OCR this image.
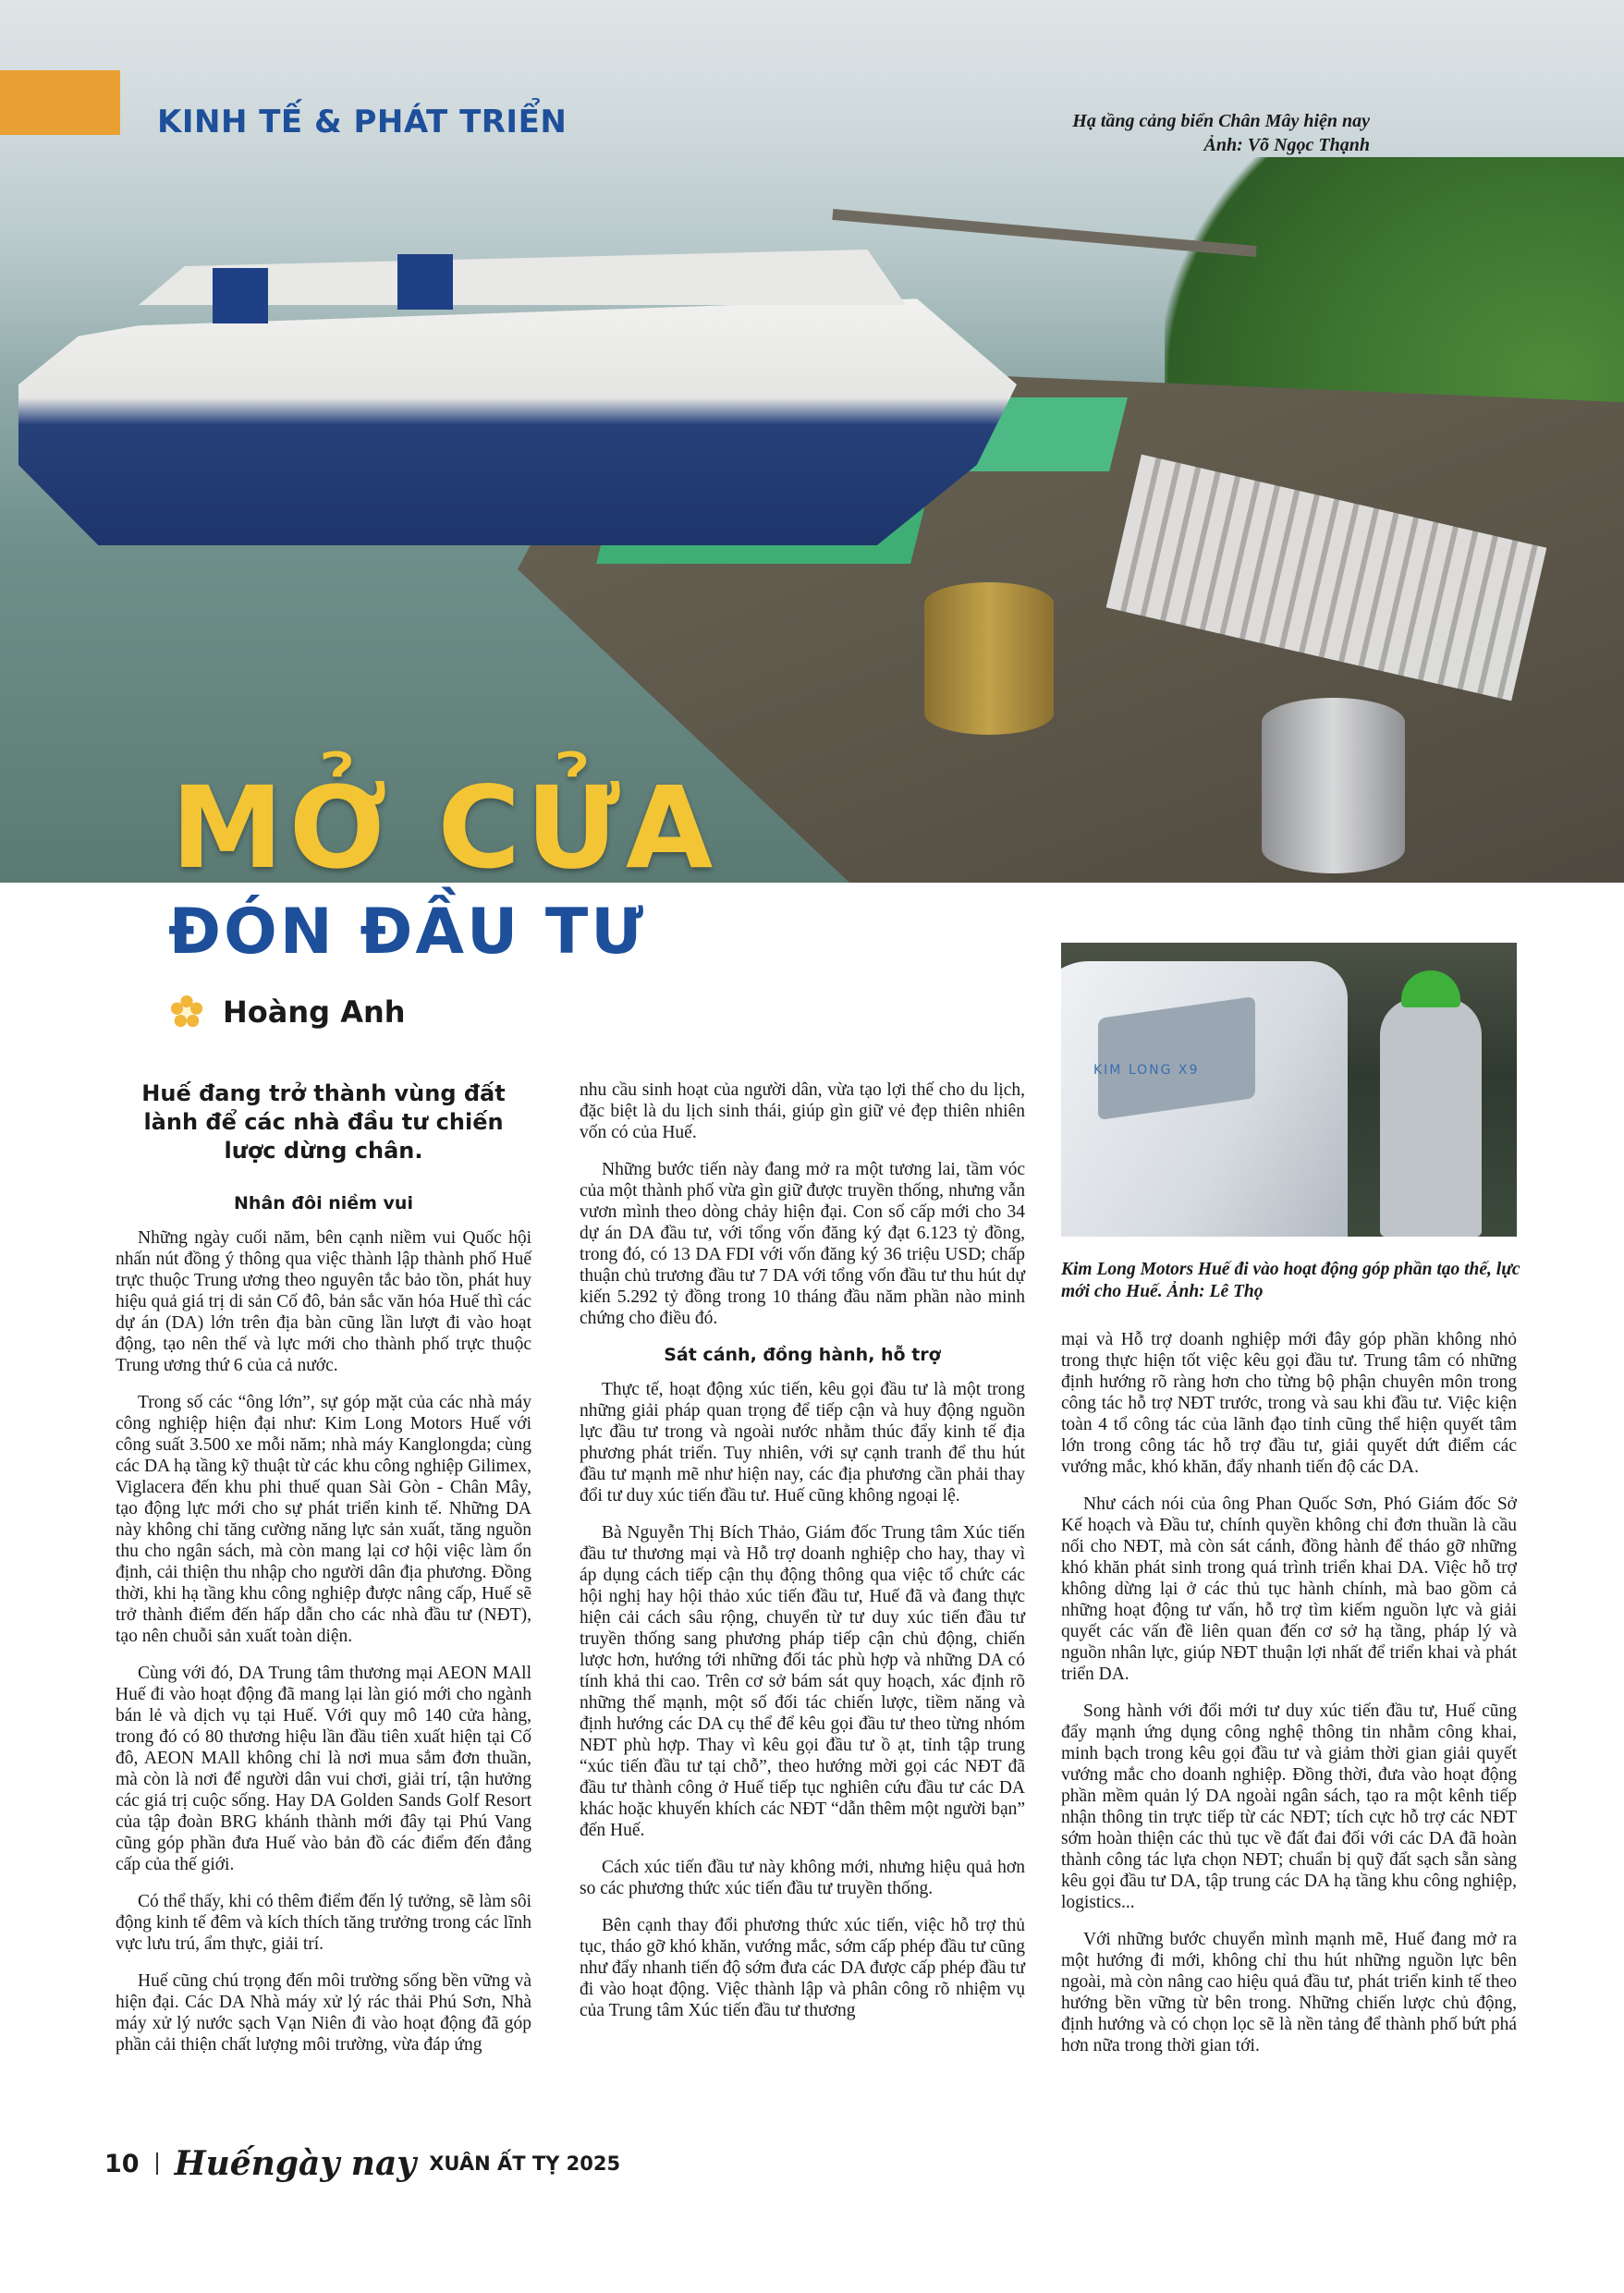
KINH TẾ & PHÁT TRIỂN	Hạ tầng cảng biển Chân Mây hiện nay
Ảnh: Võ Ngọc Thạnh
MỞ CỬA
ĐÓN ĐẦU TƯ
Hoàng Anh
Huế đang trở thành vùng đất lành để các nhà đầu tư chiến lược dừng chân.
Nhân đôi niềm vui

Những ngày cuối năm, bên cạnh niềm vui Quốc hội nhấn nút đồng ý thông qua việc thành lập thành phố Huế trực thuộc Trung ương theo nguyên tắc bảo tồn, phát huy hiệu quả giá trị di sản Cố đô, bản sắc văn hóa Huế thì các dự án (DA) lớn trên địa bàn cũng lần lượt đi vào hoạt động, tạo nên thế và lực mới cho thành phố trực thuộc Trung ương thứ 6 của cả nước.

Trong số các “ông lớn”, sự góp mặt của các nhà máy công nghiệp hiện đại như: Kim Long Motors Huế với công suất 3.500 xe mỗi năm; nhà máy Kanglongda; cùng các DA hạ tầng kỹ thuật từ các khu công nghiệp Gilimex, Viglacera đến khu phi thuế quan Sài Gòn - Chân Mây, tạo động lực mới cho sự phát triển kinh tế. Những DA này không chỉ tăng cường năng lực sản xuất, tăng nguồn thu cho ngân sách, mà còn mang lại cơ hội việc làm ổn định, cải thiện thu nhập cho người dân địa phương. Đồng thời, khi hạ tầng khu công nghiệp được nâng cấp, Huế sẽ trở thành điểm đến hấp dẫn cho các nhà đầu tư (NĐT), tạo nên chuỗi sản xuất toàn diện.

Cùng với đó, DA Trung tâm thương mại AEON MAll Huế đi vào hoạt động đã mang lại làn gió mới cho ngành bán lẻ và dịch vụ tại Huế. Với quy mô 140 cửa hàng, trong đó có 80 thương hiệu lần đầu tiên xuất hiện tại Cố đô, AEON MAll không chỉ là nơi mua sắm đơn thuần, mà còn là nơi để người dân vui chơi, giải trí, tận hưởng các giá trị cuộc sống. Hay DA Golden Sands Golf Resort của tập đoàn BRG khánh thành mới đây tại Phú Vang cũng góp phần đưa Huế vào bản đồ các điểm đến đẳng cấp của thế giới.

Có thể thấy, khi có thêm điểm đến lý tưởng, sẽ làm sôi động kinh tế đêm và kích thích tăng trưởng trong các lĩnh vực lưu trú, ẩm thực, giải trí.

Huế cũng chú trọng đến môi trường sống bền vững và hiện đại. Các DA Nhà máy xử lý rác thải Phú Sơn, Nhà máy xử lý nước sạch Vạn Niên đi vào hoạt động đã góp phần cải thiện chất lượng môi trường, vừa đáp ứng

nhu cầu sinh hoạt của người dân, vừa tạo lợi thế cho du lịch, đặc biệt là du lịch sinh thái, giúp gìn giữ vẻ đẹp thiên nhiên vốn có của Huế.

Những bước tiến này đang mở ra một tương lai, tầm vóc của một thành phố vừa gìn giữ được truyền thống, nhưng vẫn vươn mình theo dòng chảy hiện đại. Con số cấp mới cho 34 dự án DA đầu tư, với tổng vốn đăng ký đạt 6.123 tỷ đồng, trong đó, có 13 DA FDI với vốn đăng ký 36 triệu USD; chấp thuận chủ trương đầu tư 7 DA với tổng vốn đầu tư thu hút dự kiến 5.292 tỷ đồng trong 10 tháng đầu năm phần nào minh chứng cho điều đó.

Sát cánh, đồng hành, hỗ trợ

Thực tế, hoạt động xúc tiến, kêu gọi đầu tư là một trong những giải pháp quan trọng để tiếp cận và huy động nguồn lực đầu tư trong và ngoài nước nhằm thúc đẩy kinh tế địa phương phát triển. Tuy nhiên, với sự cạnh tranh để thu hút đầu tư mạnh mẽ như hiện nay, các địa phương cần phải thay đổi tư duy xúc tiến đầu tư. Huế cũng không ngoại lệ.

Bà Nguyễn Thị Bích Thảo, Giám đốc Trung tâm Xúc tiến đầu tư thương mại và Hỗ trợ doanh nghiệp cho hay, thay vì áp dụng cách tiếp cận thụ động thông qua việc tổ chức các hội nghị hay hội thảo xúc tiến đầu tư, Huế đã và đang thực hiện cải cách sâu rộng, chuyển từ tư duy xúc tiến đầu tư truyền thống sang phương pháp tiếp cận chủ động, chiến lược hơn, hướng tới những đối tác phù hợp và những DA có tính khả thi cao. Trên cơ sở bám sát quy hoạch, xác định rõ những thế mạnh, một số đối tác chiến lược, tiềm năng và định hướng các DA cụ thể để kêu gọi đầu tư theo từng nhóm NĐT phù hợp. Thay vì kêu gọi đầu tư ồ ạt, tỉnh tập trung “xúc tiến đầu tư tại chỗ”, theo hướng mời gọi các NĐT đã đầu tư thành công ở Huế tiếp tục nghiên cứu đầu tư các DA khác hoặc khuyến khích các NĐT “dẫn thêm một người bạn” đến Huế.

Cách xúc tiến đầu tư này không mới, nhưng hiệu quả hơn so các phương thức xúc tiến đầu tư truyền thống.

Bên cạnh thay đổi phương thức xúc tiến, việc hỗ trợ thủ tục, tháo gỡ khó khăn, vướng mắc, sớm cấp phép đầu tư cũng như đẩy nhanh tiến độ sớm đưa các DA được cấp phép đầu tư đi vào hoạt động. Việc thành lập và phân công rõ nhiệm vụ của Trung tâm Xúc tiến đầu tư thương

KIM LONG X9
Kim Long Motors Huế đi vào hoạt động góp phần tạo thế, lực mới cho Huế. Ảnh: Lê Thọ

mại và Hỗ trợ doanh nghiệp mới đây góp phần không nhỏ trong thực hiện tốt việc kêu gọi đầu tư. Trung tâm có những định hướng rõ ràng hơn cho từng bộ phận chuyên môn trong công tác hỗ trợ NĐT trước, trong và sau khi đầu tư. Việc kiện toàn 4 tổ công tác của lãnh đạo tỉnh cũng thể hiện quyết tâm lớn trong công tác hỗ trợ đầu tư, giải quyết dứt điểm các vướng mắc, khó khăn, đẩy nhanh tiến độ các DA.

Như cách nói của ông Phan Quốc Sơn, Phó Giám đốc Sở Kế hoạch và Đầu tư, chính quyền không chỉ đơn thuần là cầu nối cho NĐT, mà còn sát cánh, đồng hành để tháo gỡ những khó khăn phát sinh trong quá trình triển khai DA. Việc hỗ trợ không dừng lại ở các thủ tục hành chính, mà bao gồm cả những hoạt động tư vấn, hỗ trợ tìm kiếm nguồn lực và giải quyết các vấn đề liên quan đến cơ sở hạ tầng, pháp lý và nguồn nhân lực, giúp NĐT thuận lợi nhất để triển khai và phát triển DA.

Song hành với đổi mới tư duy xúc tiến đầu tư, Huế cũng đẩy mạnh ứng dụng công nghệ thông tin nhằm công khai, minh bạch trong kêu gọi đầu tư và giảm thời gian giải quyết vướng mắc cho doanh nghiệp. Đồng thời, đưa vào hoạt động phần mềm quản lý DA ngoài ngân sách, tạo ra một kênh tiếp nhận thông tin trực tiếp từ các NĐT; tích cực hỗ trợ các NĐT sớm hoàn thiện các thủ tục về đất đai đối với các DA đã hoàn thành công tác lựa chọn NĐT; chuẩn bị quỹ đất sạch sẵn sàng kêu gọi đầu tư DA, tập trung các DA hạ tầng khu công nghiệp, logistics...

Với những bước chuyển mình mạnh mẽ, Huế đang mở ra một hướng đi mới, không chỉ thu hút những nguồn lực bên ngoài, mà còn nâng cao hiệu quả đầu tư, phát triển kinh tế theo hướng bền vững từ bên trong. Những chiến lược chủ động, định hướng và có chọn lọc sẽ là nền tảng để thành phố bứt phá hơn nữa trong thời gian tới.

10 Huếngày nay XUÂN ẤT TỴ 2025
